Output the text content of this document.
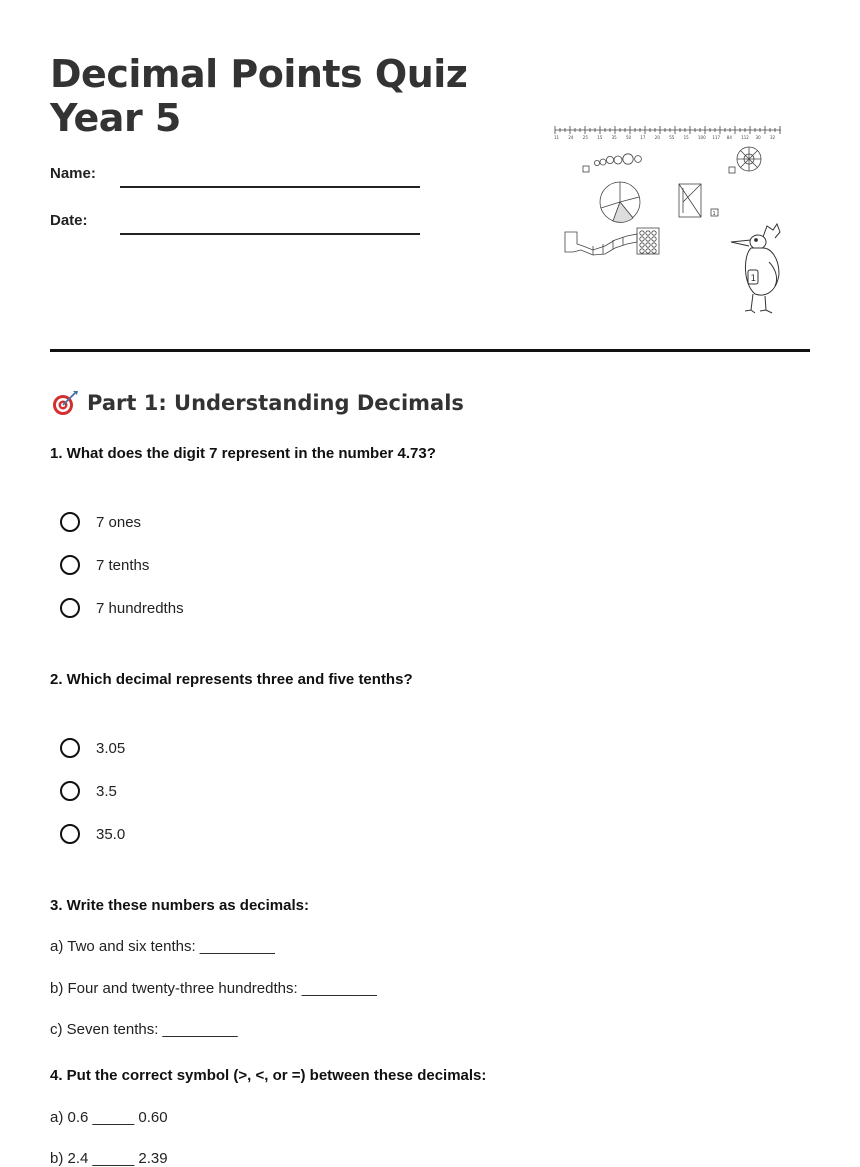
Decimal Points Quiz
Year 5
Name:
Date:
11 24 25 15 35 50 17 20 55 15 100 117 84 112 30 32
1
1
Part 1: Understanding Decimals
1. What does the digit 7 represent in the number 4.73?
7 ones
7 tenths
7 hundredths
2. Which decimal represents three and five tenths?
3.05
3.5
35.0
3. Write these numbers as decimals:
a) Two and six tenths: _________
b) Four and twenty-three hundredths: _________
c) Seven tenths: _________
4. Put the correct symbol (>, <, or =) between these decimals:
a) 0.6 _____ 0.60
b) 2.4 _____ 2.39
